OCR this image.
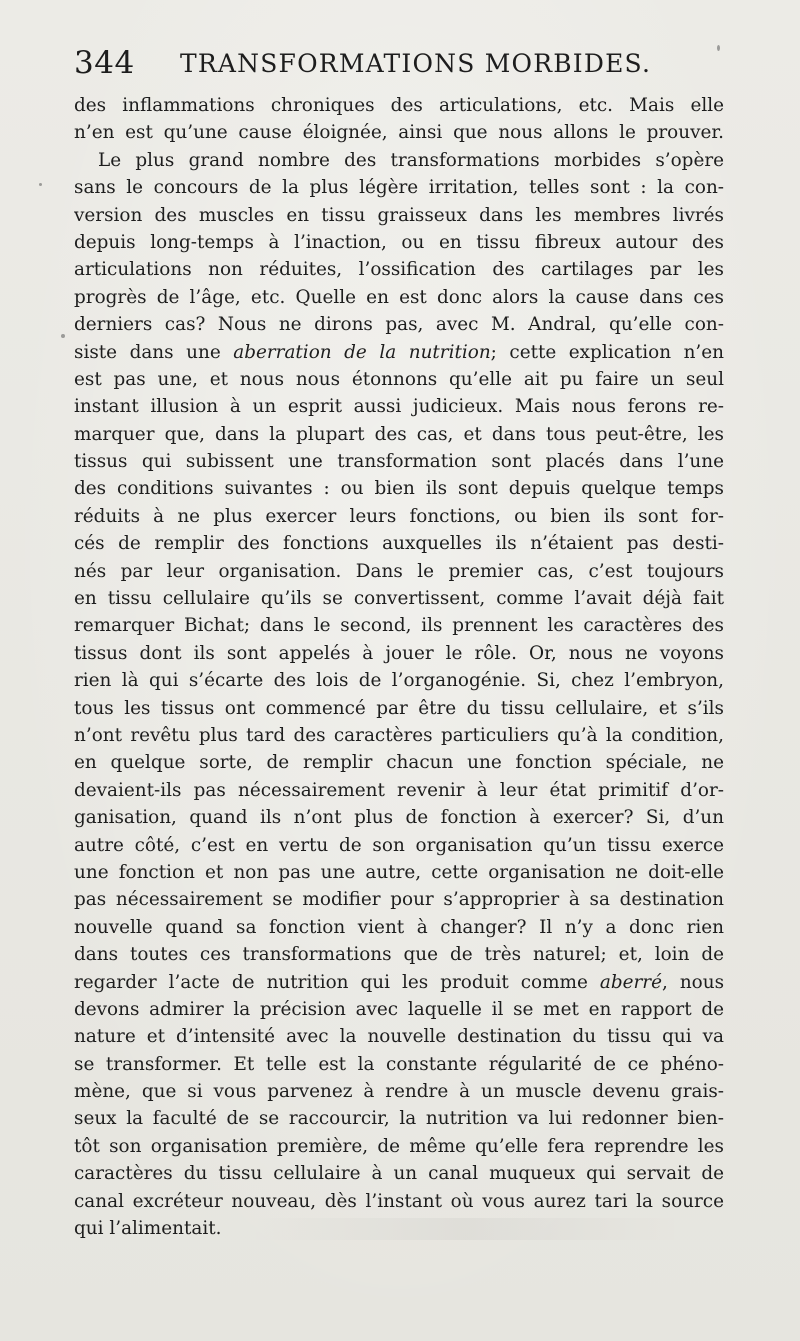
344 TRANSFORMATIONS MORBIDES.
des inflammations chroniques des articulations, etc. Mais elle
n’en est qu’une cause éloignée, ainsi que nous allons le prouver.
Le plus grand nombre des transformations morbides s’opère
sans le concours de la plus légère irritation, telles sont : la con-
version des muscles en tissu graisseux dans les membres livrés
depuis long-temps à l’inaction, ou en tissu fibreux autour des
articulations non réduites, l’ossification des cartilages par les
progrès de l’âge, etc. Quelle en est donc alors la cause dans ces
derniers cas? Nous ne dirons pas, avec M. Andral, qu’elle con-
siste dans une aberration de la nutrition; cette explication n’en
est pas une, et nous nous étonnons qu’elle ait pu faire un seul
instant illusion à un esprit aussi judicieux. Mais nous ferons re-
marquer que, dans la plupart des cas, et dans tous peut-être, les
tissus qui subissent une transformation sont placés dans l’une
des conditions suivantes : ou bien ils sont depuis quelque temps
réduits à ne plus exercer leurs fonctions, ou bien ils sont for-
cés de remplir des fonctions auxquelles ils n’étaient pas desti-
nés par leur organisation. Dans le premier cas, c’est toujours
en tissu cellulaire qu’ils se convertissent, comme l’avait déjà fait
remarquer Bichat; dans le second, ils prennent les caractères des
tissus dont ils sont appelés à jouer le rôle. Or, nous ne voyons
rien là qui s’écarte des lois de l’organogénie. Si, chez l’embryon,
tous les tissus ont commencé par être du tissu cellulaire, et s’ils
n’ont revêtu plus tard des caractères particuliers qu’à la condition,
en quelque sorte, de remplir chacun une fonction spéciale, ne
devaient-ils pas nécessairement revenir à leur état primitif d’or-
ganisation, quand ils n’ont plus de fonction à exercer? Si, d’un
autre côté, c’est en vertu de son organisation qu’un tissu exerce
une fonction et non pas une autre, cette organisation ne doit-elle
pas nécessairement se modifier pour s’approprier à sa destination
nouvelle quand sa fonction vient à changer? Il n’y a donc rien
dans toutes ces transformations que de très naturel; et, loin de
regarder l’acte de nutrition qui les produit comme aberré, nous
devons admirer la précision avec laquelle il se met en rapport de
nature et d’intensité avec la nouvelle destination du tissu qui va
se transformer. Et telle est la constante régularité de ce phéno-
mène, que si vous parvenez à rendre à un muscle devenu grais-
seux la faculté de se raccourcir, la nutrition va lui redonner bien-
tôt son organisation première, de même qu’elle fera reprendre les
caractères du tissu cellulaire à un canal muqueux qui servait de
canal excréteur nouveau, dès l’instant où vous aurez tari la source
qui l’alimentait.
